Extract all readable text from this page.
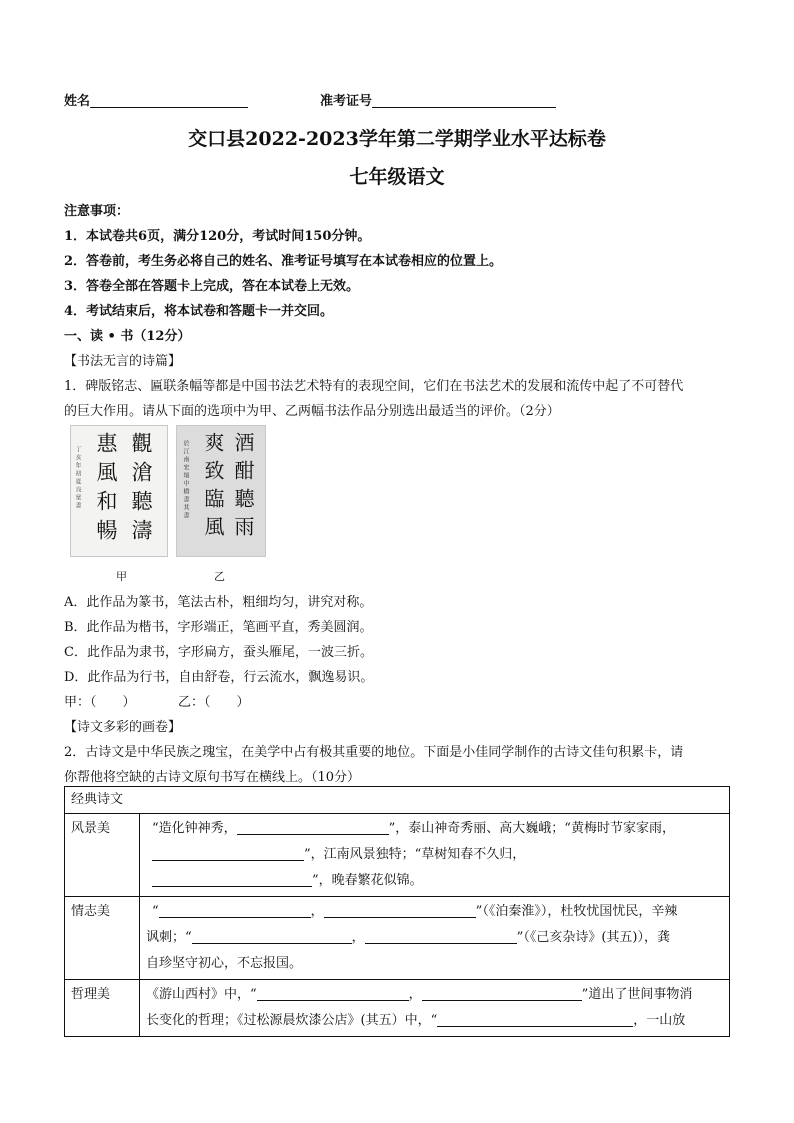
姓名	准考证号
交口县2022-2023学年第二学期学业水平达标卷
七年级语文
注意事项：
1．本试卷共6页，满分120分，考试时间150分钟。
2．答卷前，考生务必将自己的姓名、准考证号填写在本试卷相应的位置上。
3．答卷全部在答题卡上完成，答在本试卷上无效。
4．考试结束后，将本试卷和答题卡一并交回。
一、读 • 书（12分）
【书法无言的诗篇】
1．碑版铭志、匾联条幅等都是中国书法艺术特有的表现空间，它们在书法艺术的发展和流传中起了不可替代
的巨大作用。请从下面的选项中为甲、乙两幅书法作品分别选出最适当的评价。（2分）
觀滄聽濤
惠風和暢
丁亥年初夏良宽書	酒酣聽雨
爽致臨風
於江南宏壇中橋書其書
甲	乙
A．此作品为篆书，笔法古朴，粗细均匀，讲究对称。
B．此作品为楷书，字形端正，笔画平直，秀美圆润。
C．此作品为隶书，字形扁方，蚕头雁尾，一波三折。
D．此作品为行书，自由舒卷，行云流水，飘逸易识。
甲：（　　）	乙：（　　）
【诗文多彩的画卷】
2．古诗文是中华民族之瑰宝，在美学中占有极其重要的地位。下面是小佳同学制作的古诗文佳句积累卡，请
你帮他将空缺的古诗文原句书写在横线上。（10分）
经典诗文	
风景美	“造化钟神秀， ”，泰山神奇秀丽、高大巍峨；“黄梅时节家家雨，
”，江南风景独特；“草树知春不久归，
”，晚春繁花似锦。

情志美	“ ， ”（《泊秦淮》），杜牧忧国忧民，辛辣
讽刺；“ ， ”（《己亥杂诗》(其五)），龚
自珍坚守初心，不忘报国。

哲理美	《游山西村》中，“ ， ”道出了世间事物消
长变化的哲理；《过松源晨炊漆公店》(其五）中，“ ，一山放
